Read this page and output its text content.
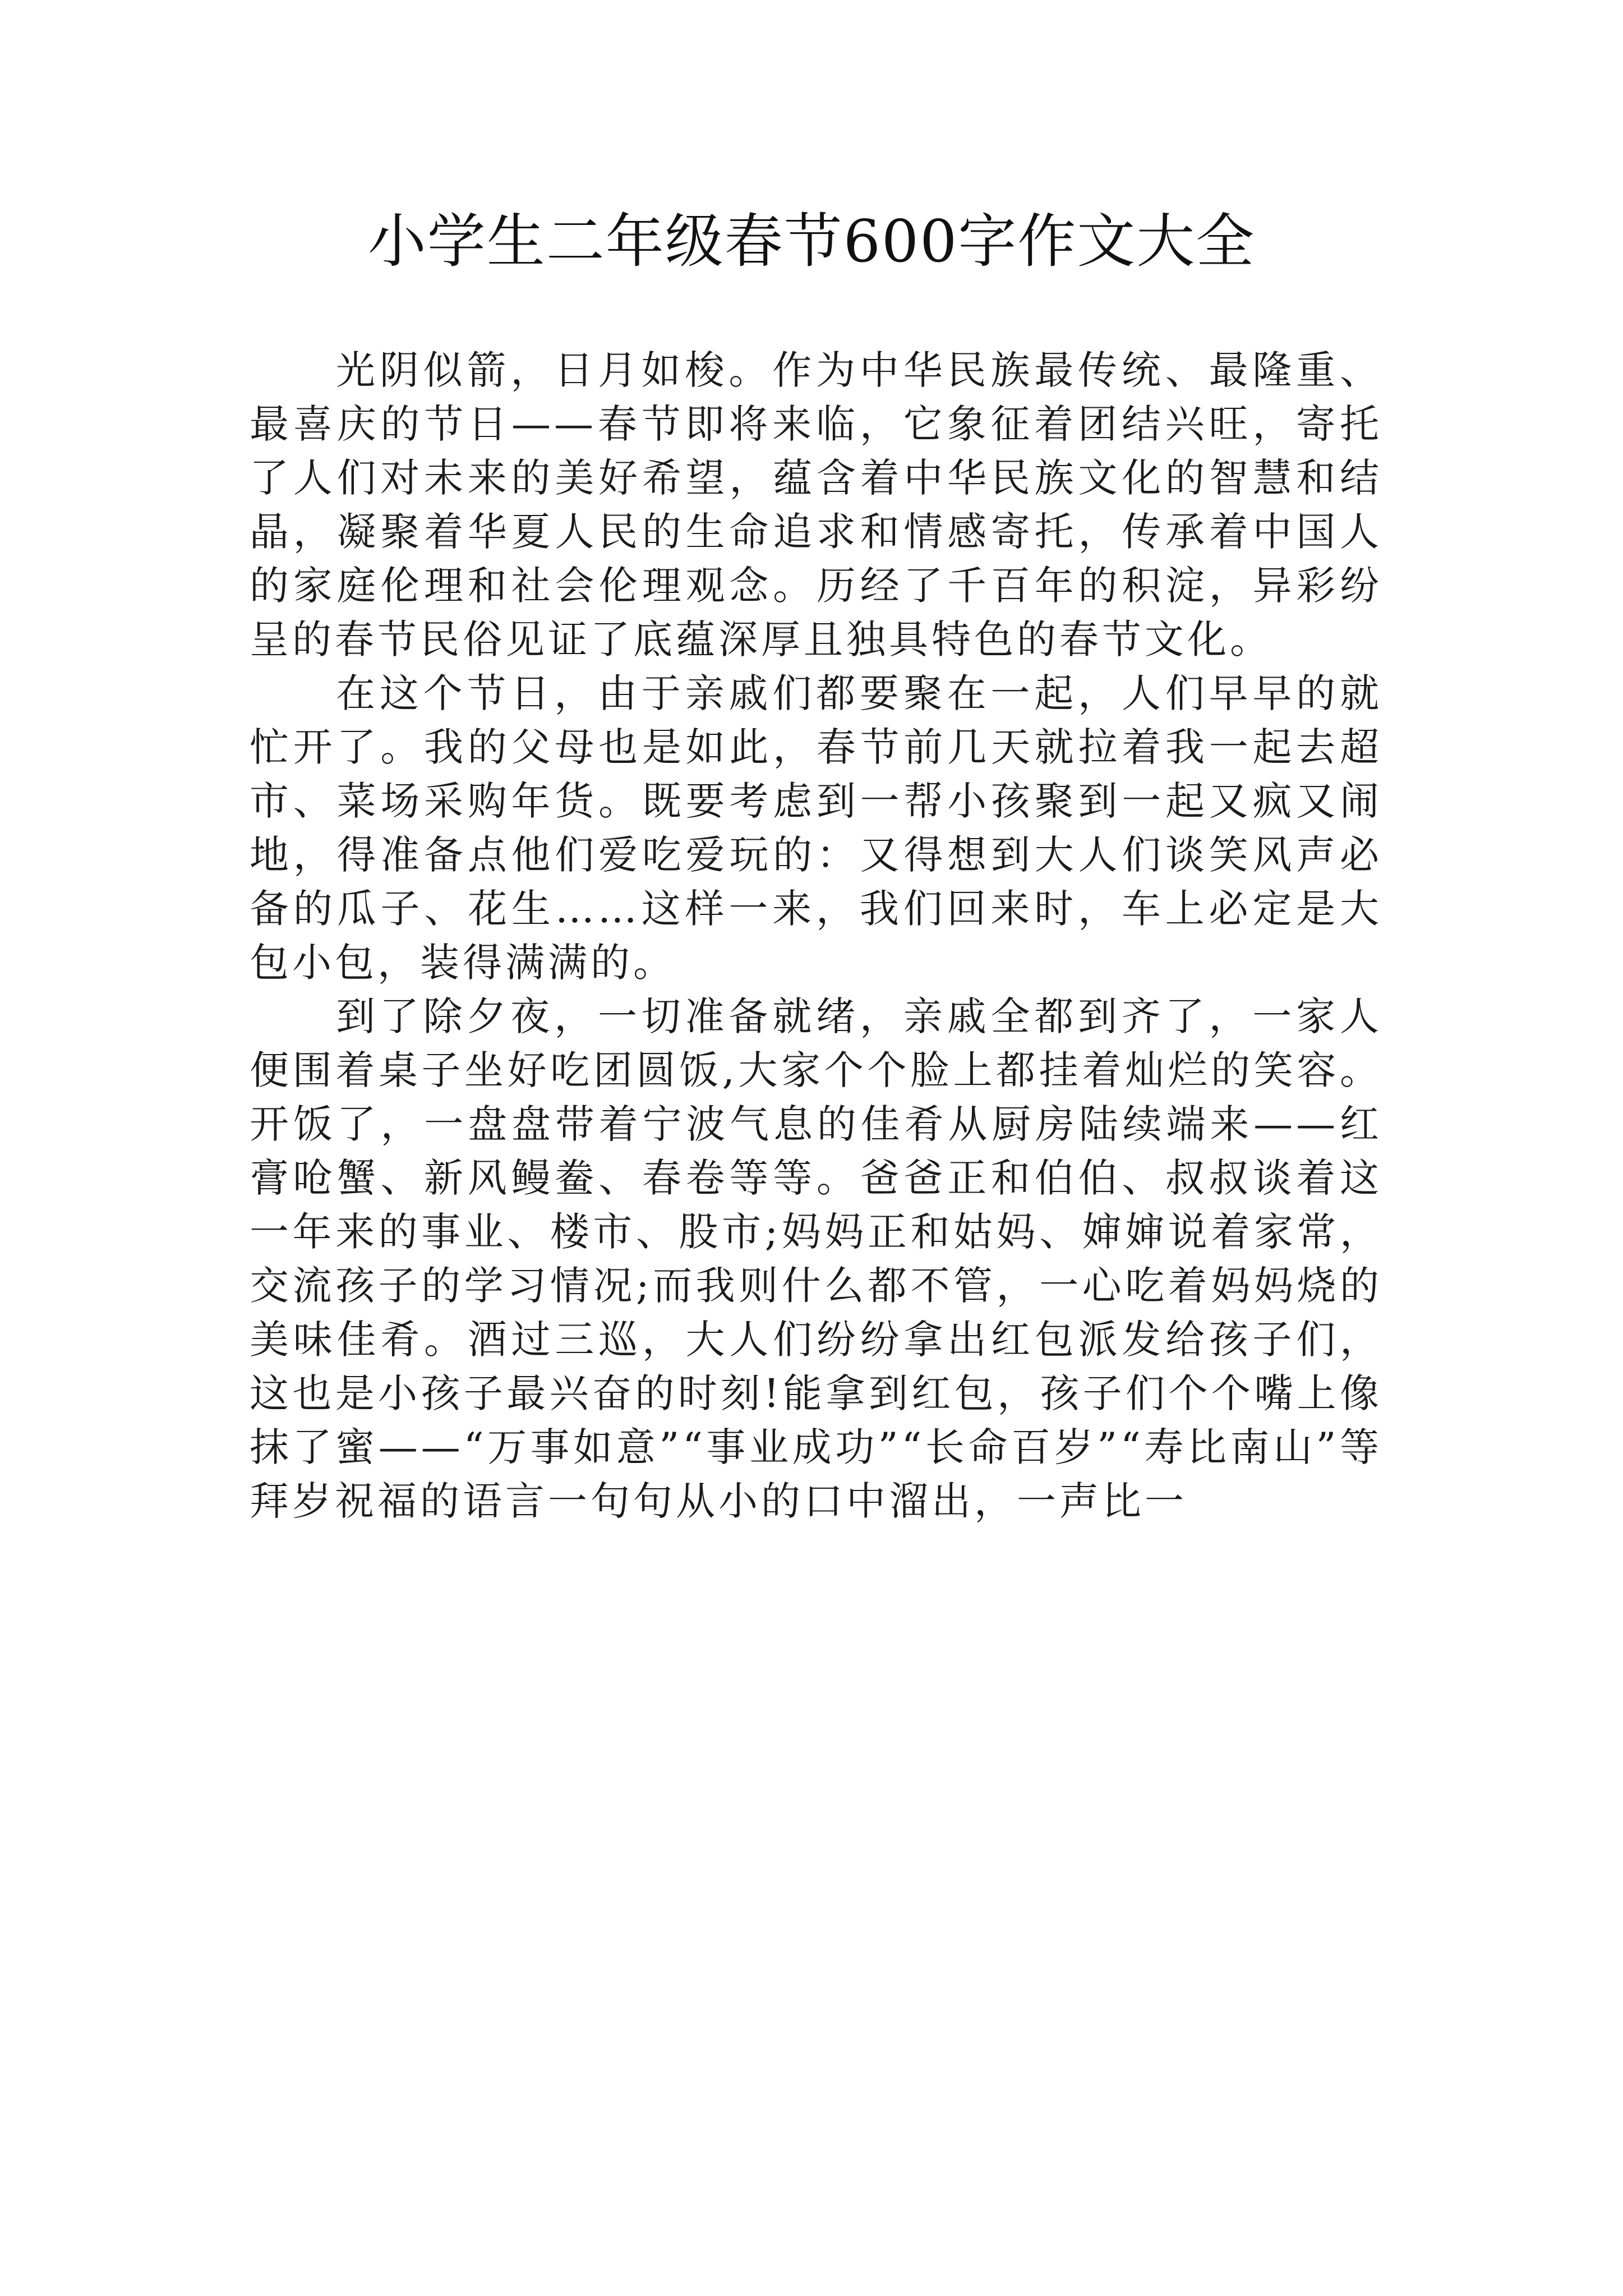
小学生二年级春节600字作文大全

光阴似箭，日月如梭。作为中华民族最传统、最隆重、最喜庆的节日——春节即将来临，它象征着团结兴旺，寄托了人们对未来的美好希望，蕴含着中华民族文化的智慧和结晶，凝聚着华夏人民的生命追求和情感寄托，传承着中国人的家庭伦理和社会伦理观念。历经了千百年的积淀，异彩纷呈的春节民俗见证了底蕴深厚且独具特色的春节文化。

在这个节日，由于亲戚们都要聚在一起，人们早早的就忙开了。我的父母也是如此，春节前几天就拉着我一起去超市、菜场采购年货。既要考虑到一帮小孩聚到一起又疯又闹地，得准备点他们爱吃爱玩的：又得想到大人们谈笑风声必备的瓜子、花生……这样一来，我们回来时，车上必定是大包小包，装得满满的。

到了除夕夜，一切准备就绪，亲戚全都到齐了，一家人便围着桌子坐好吃团圆饭,大家个个脸上都挂着灿烂的笑容。开饭了，一盘盘带着宁波气息的佳肴从厨房陆续端来——红膏呛蟹、新风鳗鲞、春卷等等。爸爸正和伯伯、叔叔谈着这一年来的事业、楼市、股市;妈妈正和姑妈、婶婶说着家常，交流孩子的学习情况;而我则什么都不管，一心吃着妈妈烧的美味佳肴。酒过三巡，大人们纷纷拿出红包派发给孩子们，这也是小孩子最兴奋的时刻!能拿到红包，孩子们个个嘴上像抹了蜜——“万事如意”“事业成功”“长命百岁”“寿比南山”等拜岁祝福的语言一句句从小的口中溜出，一声比一
